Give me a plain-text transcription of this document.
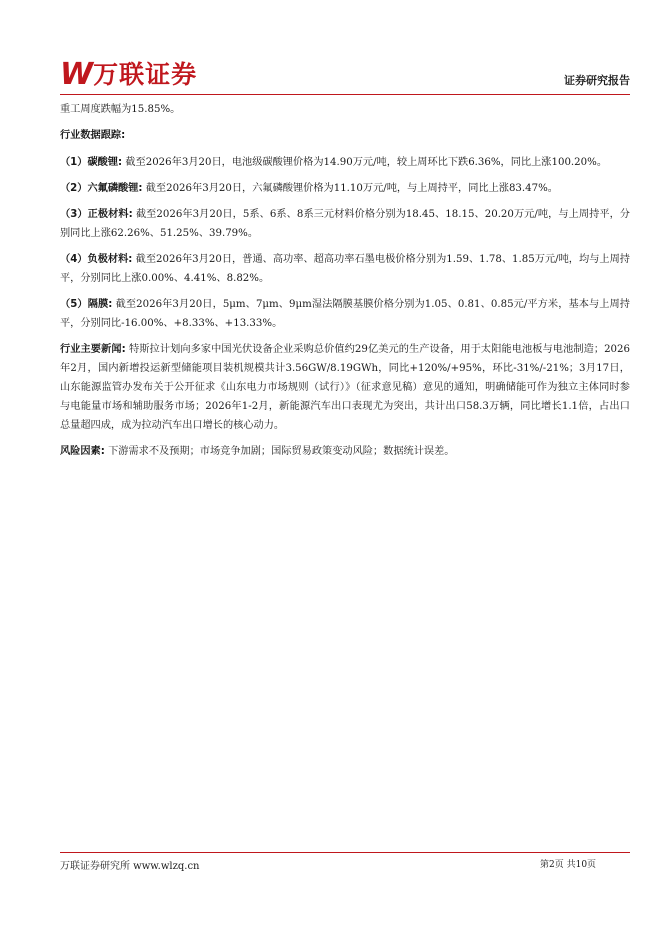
W 万联证券	证券研究报告

重工周度跌幅为15.85%。

行业数据跟踪:

（1）碳酸锂: 截至2026年3月20日，电池级碳酸锂价格为14.90万元/吨，较上周环比下跌6.36%，同比上涨100.20%。

（2）六氟磷酸锂: 截至2026年3月20日，六氟磷酸锂价格为11.10万元/吨，与上周持平，同比上涨83.47%。

（3）正极材料: 截至2026年3月20日，5系、6系、8系三元材料价格分别为18.45、18.15、20.20万元/吨，与上周持平，分别同比上涨62.26%、51.25%、39.79%。

（4）负极材料: 截至2026年3月20日，普通、高功率、超高功率石墨电极价格分别为1.59、1.78、1.85万元/吨，均与上周持平，分别同比上涨0.00%、4.41%、8.82%。

（5）隔膜: 截至2026年3月20日，5μm、7μm、9μm湿法隔膜基膜价格分别为1.05、0.81、0.85元/平方米，基本与上周持平，分别同比-16.00%、+8.33%、+13.33%。

行业主要新闻: 特斯拉计划向多家中国光伏设备企业采购总价值约29亿美元的生产设备，用于太阳能电池板与电池制造；2026年2月，国内新增投运新型储能项目装机规模共计3.56GW/8.19GWh，同比+120%/+95%，环比-31%/-21%；3月17日，山东能源监管办发布关于公开征求《山东电力市场规则（试行）》（征求意见稿）意见的通知，明确储能可作为独立主体同时参与电能量市场和辅助服务市场；2026年1-2月，新能源汽车出口表现尤为突出，共计出口58.3万辆，同比增长1.1倍，占出口总量超四成，成为拉动汽车出口增长的核心动力。

风险因素: 下游需求不及预期；市场竞争加剧；国际贸易政策变动风险；数据统计误差。

万联证券研究所 www.wlzq.cn	第2页 共10页
